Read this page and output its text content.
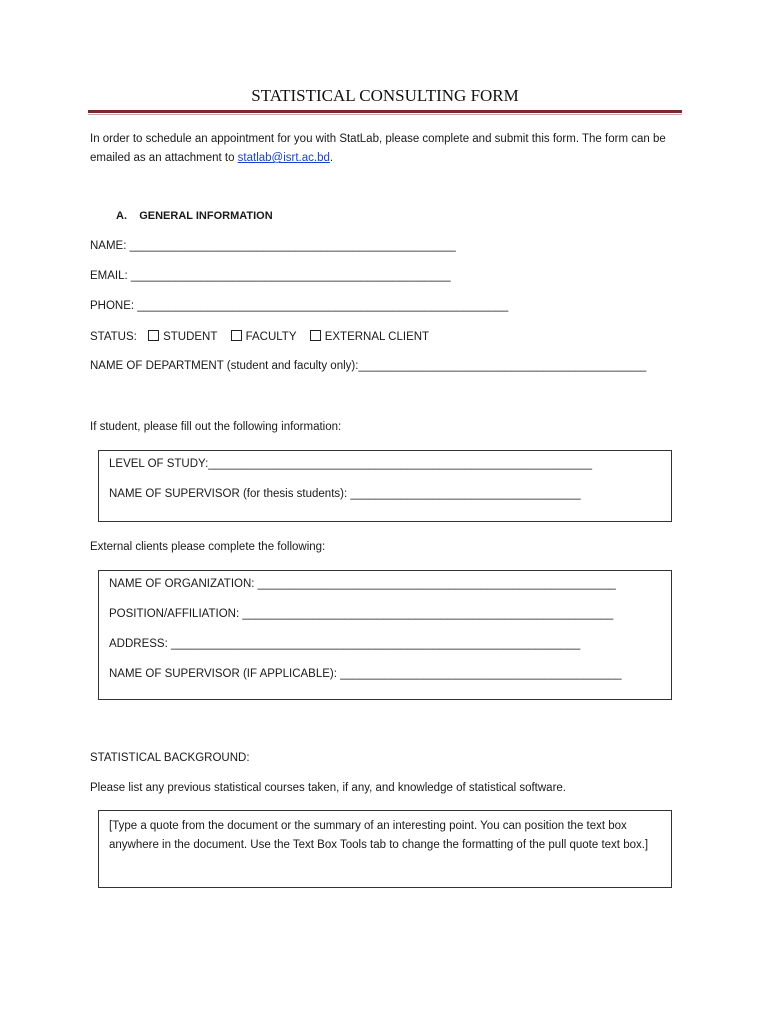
STATISTICAL CONSULTING FORM
In order to schedule an appointment for you with StatLab, please complete and submit this form. The form can be emailed as an attachment to statlab@isrt.ac.bd.
A.    GENERAL INFORMATION
NAME: ___________________________________________________
EMAIL: __________________________________________________
PHONE: __________________________________________________________
STATUS: STUDENT FACULTY EXTERNAL CLIENT
NAME OF DEPARTMENT (student and faculty only):_____________________________________________
If student, please fill out the following information:
LEVEL OF STUDY:____________________________________________________________
NAME OF SUPERVISOR (for thesis students): ____________________________________
External clients please complete the following:
NAME OF ORGANIZATION: ________________________________________________________
POSITION/AFFILIATION: __________________________________________________________
ADDRESS: ________________________________________________________________
NAME OF SUPERVISOR (IF APPLICABLE): ____________________________________________
STATISTICAL BACKGROUND:
Please list any previous statistical courses taken, if any, and knowledge of statistical software.
[Type a quote from the document or the summary of an interesting point. You can position the text box anywhere in the document. Use the Text Box Tools tab to change the formatting of the pull quote text box.]
